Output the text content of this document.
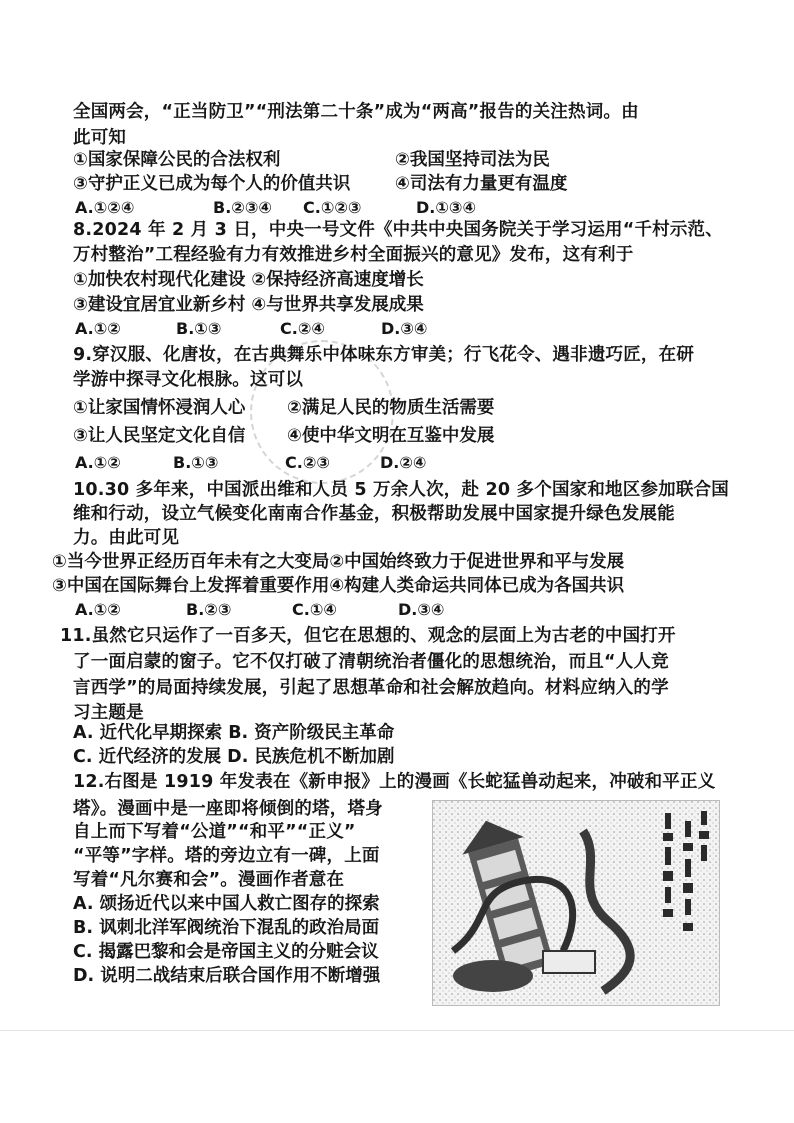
全国两会，“正当防卫”“刑法第二十条”成为“两高”报告的关注热词。由
此可知
①国家保障公民的合法权利	②我国坚持司法为民
③守护正义已成为每个人的价值共识	④司法有力量更有温度
A.①②④	B.②③④ C.①②③	D.①③④
8.2024 年 2 月 3 日，中央一号文件《中共中央国务院关于学习运用“千村示范、
万村整治”工程经验有力有效推进乡村全面振兴的意见》发布，这有利于
①加快农村现代化建设 ②保持经济高速度增长
③建设宜居宜业新乡村 ④与世界共享发展成果
A.①②	B.①③	C.②④	D.③④
9.穿汉服、化唐妆，在古典舞乐中体味东方审美；行飞花令、遇非遗巧匠，在研
学游中探寻文化根脉。这可以
①让家国情怀浸润人心 ②满足人民的物质生活需要
③让人民坚定文化自信 ④使中华文明在互鉴中发展
A.①②	B.①③	C.②③	D.②④
10.30 多年来，中国派出维和人员 5 万余人次，赴 20 多个国家和地区参加联合国
维和行动，设立气候变化南南合作基金，积极帮助发展中国家提升绿色发展能
力。由此可见
①当今世界正经历百年未有之大变局②中国始终致力于促进世界和平与发展
③中国在国际舞台上发挥着重要作用④构建人类命运共同体已成为各国共识
A.①②	B.②③	C.①④	D.③④
11.虽然它只运作了一百多天，但它在思想的、观念的层面上为古老的中国打开
了一面启蒙的窗子。它不仅打破了清朝统治者僵化的思想统治，而且“人人竞
言西学”的局面持续发展，引起了思想革命和社会解放趋向。材料应纳入的学
习主题是
A. 近代化早期探索 B. 资产阶级民主革命
C. 近代经济的发展 D. 民族危机不断加剧
12.右图是 1919 年发表在《新申报》上的漫画《长蛇猛兽动起来，冲破和平正义
塔》。漫画中是一座即将倾倒的塔，塔身
自上而下写着“公道”“和平”“正义”
“平等”字样。塔的旁边立有一碑，上面
写着“凡尔赛和会”。漫画作者意在
A. 颂扬近代以来中国人救亡图存的探索
B. 讽刺北洋军阀统治下混乱的政治局面
C. 揭露巴黎和会是帝国主义的分赃会议
D. 说明二战结束后联合国作用不断增强
